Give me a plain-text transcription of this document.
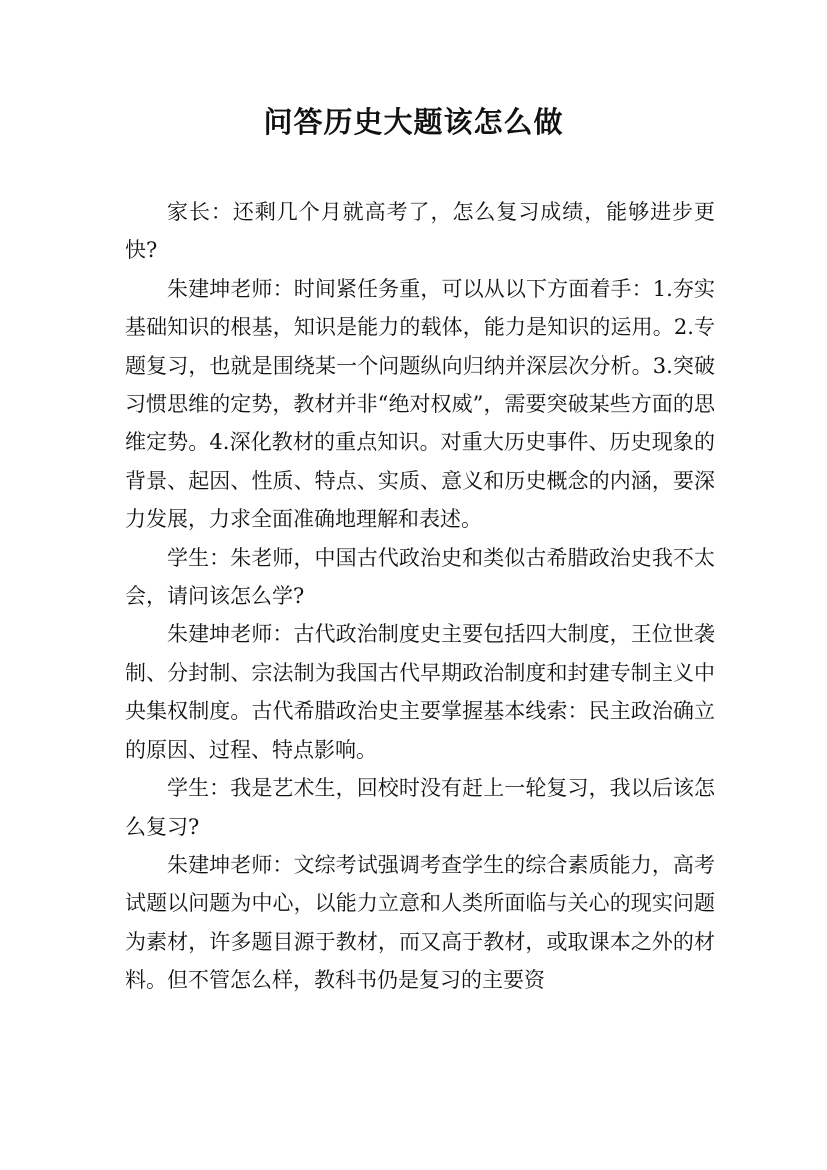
问答历史大题该怎么做

家长：还剩几个月就高考了，怎么复习成绩，能够进步更快?

朱建坤老师：时间紧任务重，可以从以下方面着手：1.夯实基础知识的根基，知识是能力的载体，能力是知识的运用。2.专题复习，也就是围绕某一个问题纵向归纳并深层次分析。3.突破习惯思维的定势，教材并非“绝对权威”，需要突破某些方面的思维定势。4.深化教材的重点知识。对重大历史事件、历史现象的背景、起因、性质、特点、实质、意义和历史概念的内涵，要深力发展，力求全面准确地理解和表述。

学生：朱老师，中国古代政治史和类似古希腊政治史我不太会，请问该怎么学?

朱建坤老师：古代政治制度史主要包括四大制度，王位世袭制、分封制、宗法制为我国古代早期政治制度和封建专制主义中央集权制度。古代希腊政治史主要掌握基本线索：民主政治确立的原因、过程、特点影响。

学生：我是艺术生，回校时没有赶上一轮复习，我以后该怎么复习?

朱建坤老师：文综考试强调考查学生的综合素质能力，高考试题以问题为中心，以能力立意和人类所面临与关心的现实问题为素材，许多题目源于教材，而又高于教材，或取课本之外的材料。但不管怎么样，教科书仍是复习的主要资
